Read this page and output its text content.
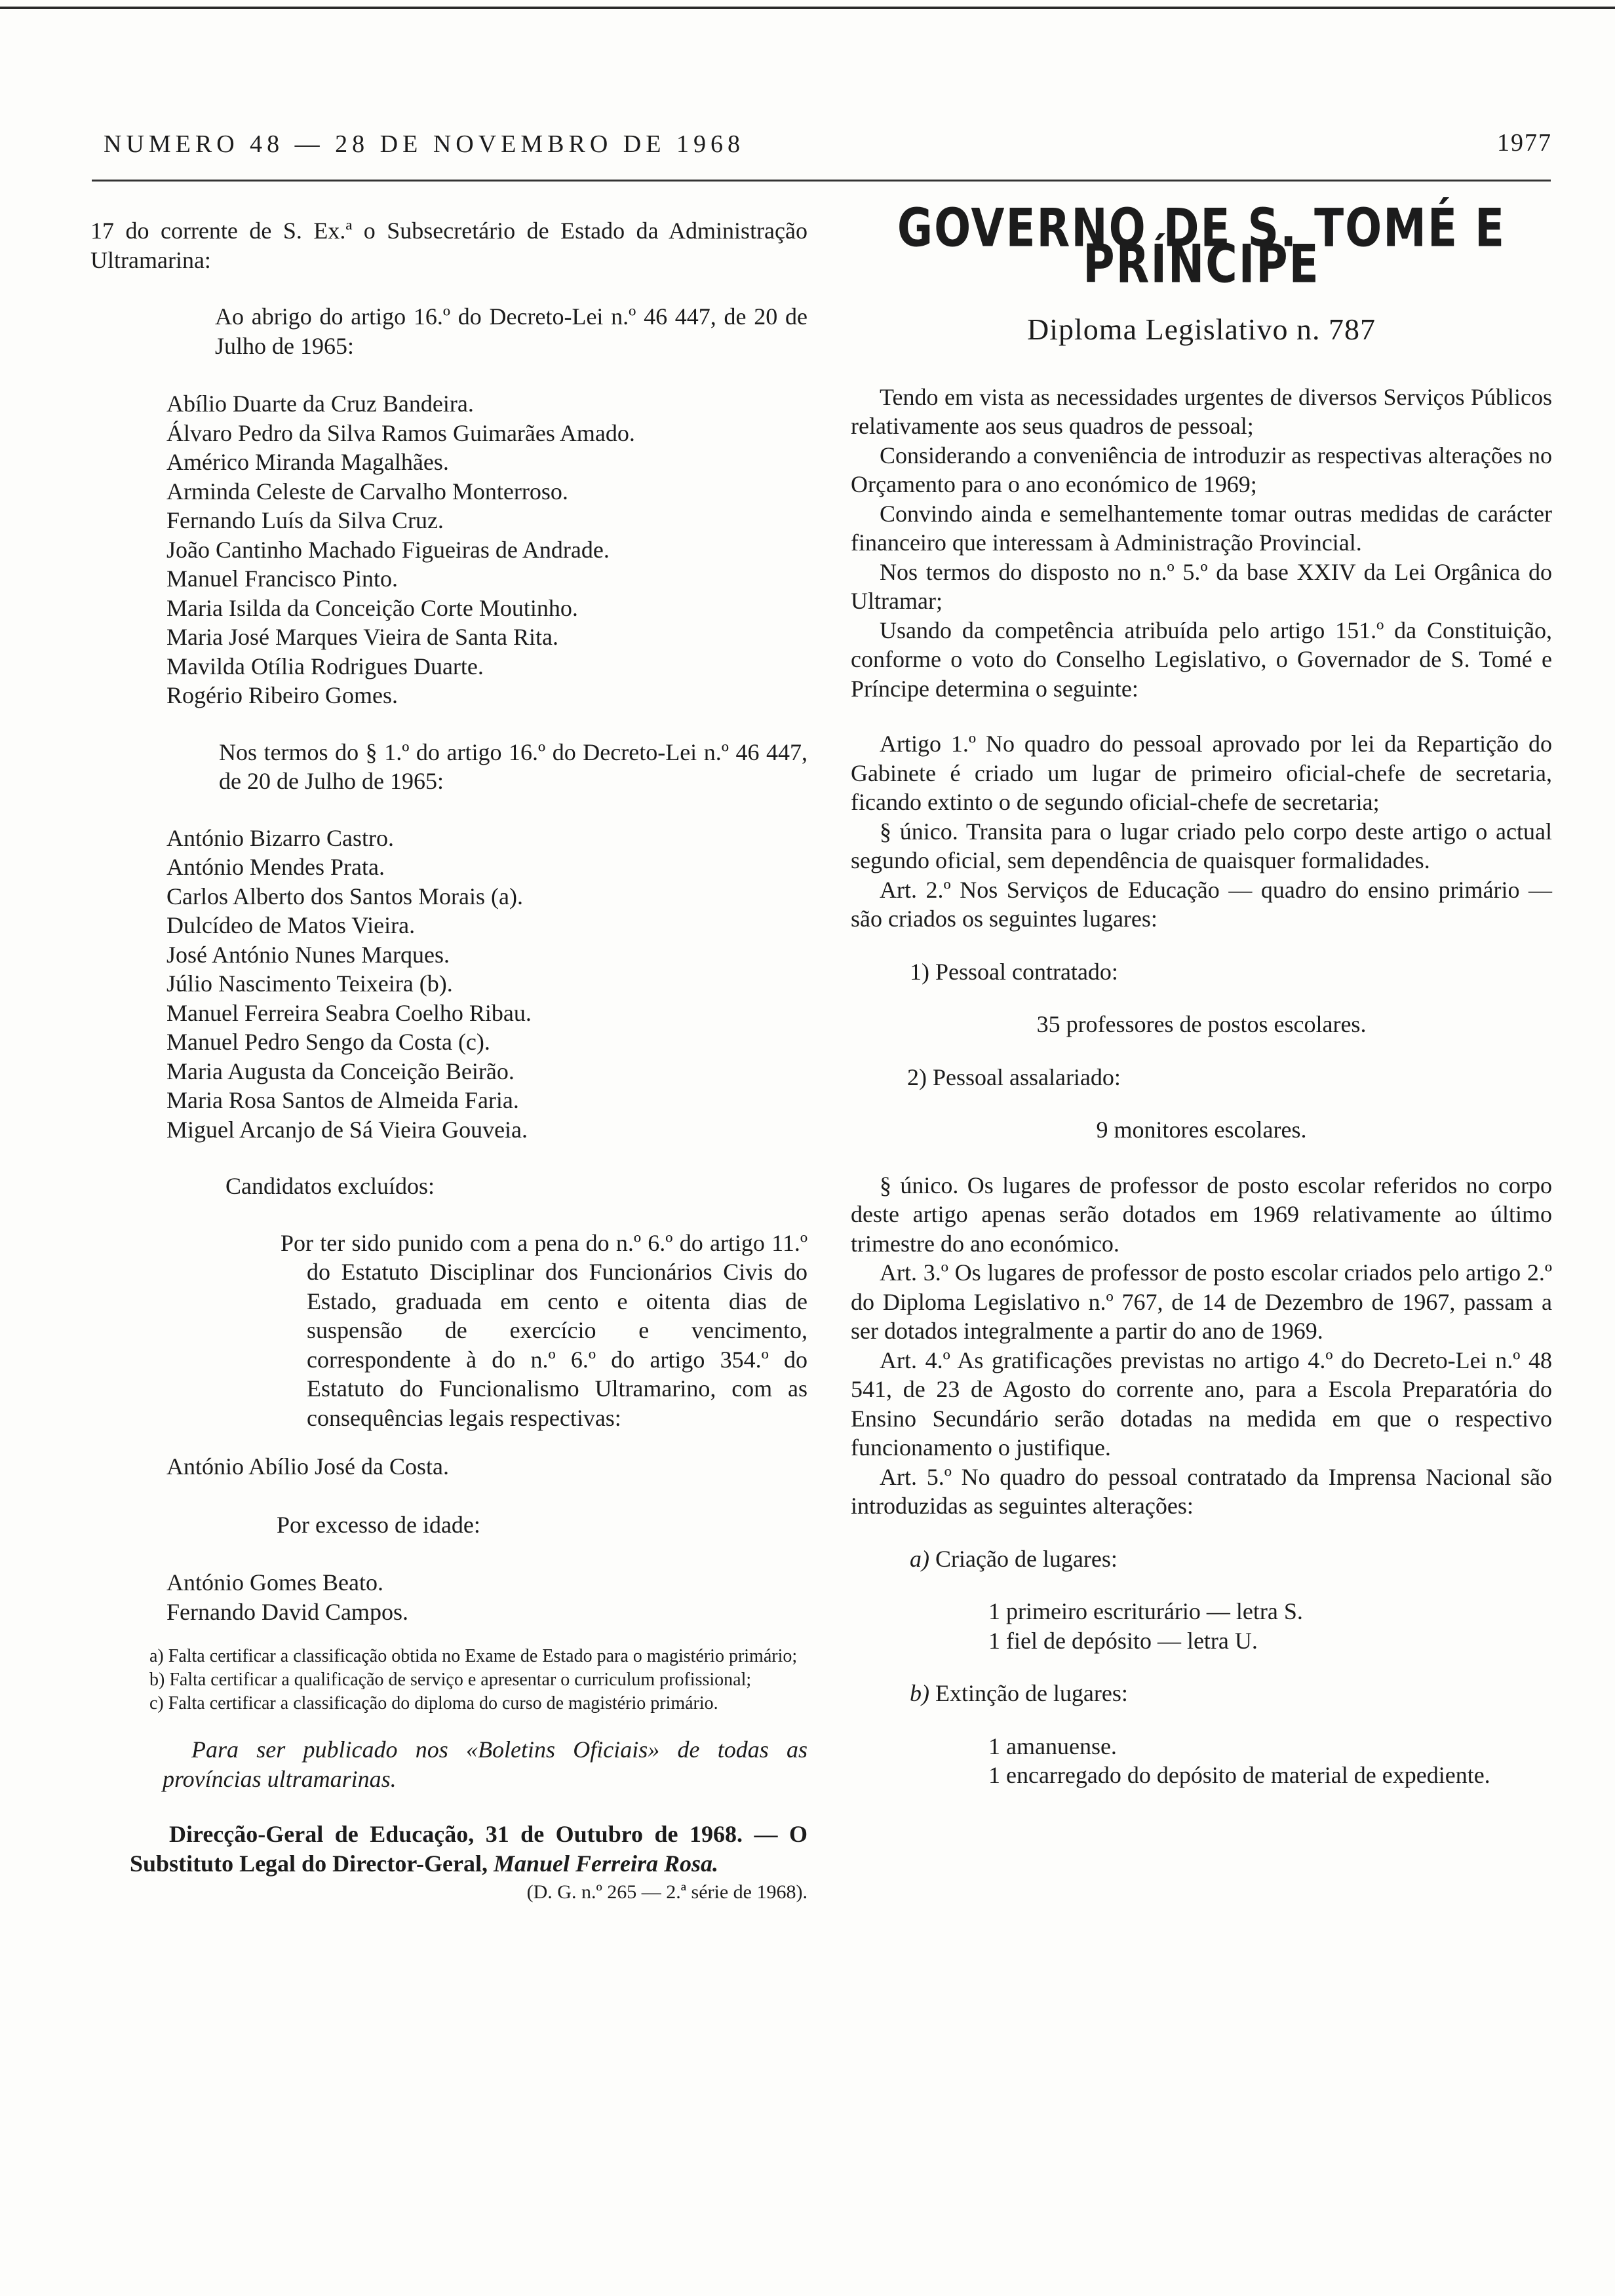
NUMERO 48 — 28 DE NOVEMBRO DE 1968	1977

17 do corrente de S. Ex.ª o Subsecretário de Estado da Administração Ultramarina:

Ao abrigo do artigo 16.º do Decreto-Lei n.º 46 447, de 20 de Julho de 1965:

Abílio Duarte da Cruz Bandeira.
Álvaro Pedro da Silva Ramos Guimarães Amado.
Américo Miranda Magalhães.
Arminda Celeste de Carvalho Monterroso.
Fernando Luís da Silva Cruz.
João Cantinho Machado Figueiras de Andrade.
Manuel Francisco Pinto.
Maria Isilda da Conceição Corte Moutinho.
Maria José Marques Vieira de Santa Rita.
Mavilda Otília Rodrigues Duarte.
Rogério Ribeiro Gomes.

Nos termos do § 1.º do artigo 16.º do Decreto-Lei n.º 46 447, de 20 de Julho de 1965:

António Bizarro Castro.
António Mendes Prata.
Carlos Alberto dos Santos Morais (a).
Dulcídeo de Matos Vieira.
José António Nunes Marques.
Júlio Nascimento Teixeira (b).
Manuel Ferreira Seabra Coelho Ribau.
Manuel Pedro Sengo da Costa (c).
Maria Augusta da Conceição Beirão.
Maria Rosa Santos de Almeida Faria.
Miguel Arcanjo de Sá Vieira Gouveia.

Candidatos excluídos:

Por ter sido punido com a pena do n.º 6.º do artigo 11.º do Estatuto Disciplinar dos Funcionários Civis do Estado, graduada em cento e oitenta dias de suspensão de exercício e vencimento, correspondente à do n.º 6.º do artigo 354.º do Estatuto do Funcionalismo Ultramarino, com as consequências legais respectivas:

António Abílio José da Costa.

Por excesso de idade:

António Gomes Beato.
Fernando David Campos.

a) Falta certificar a classificação obtida no Exame de Estado para o magistério primário;

b) Falta certificar a qualificação de serviço e apresentar o curriculum profissional;

c) Falta certificar a classificação do diploma do curso de magistério primário.

Para ser publicado nos «Boletins Oficiais» de todas as províncias ultramarinas.

Direcção-Geral de Educação, 31 de Outubro de 1968. — O Substituto Legal do Director-Geral, Manuel Ferreira Rosa.

(D. G. n.º 265 — 2.ª série de 1968).

GOVERNO DE S. TOMÉ E PRÍNCIPE
Diploma Legislativo n. 787

Tendo em vista as necessidades urgentes de diversos Serviços Públicos relativamente aos seus quadros de pessoal;

Considerando a conveniência de introduzir as respectivas alterações no Orçamento para o ano económico de 1969;

Convindo ainda e semelhantemente tomar outras medidas de carácter financeiro que interessam à Administração Provincial.

Nos termos do disposto no n.º 5.º da base XXIV da Lei Orgânica do Ultramar;

Usando da competência atribuída pelo artigo 151.º da Constituição, conforme o voto do Conselho Legislativo, o Governador de S. Tomé e Príncipe determina o seguinte:

Artigo 1.º No quadro do pessoal aprovado por lei da Repartição do Gabinete é criado um lugar de primeiro oficial-chefe de secretaria, ficando extinto o de segundo oficial-chefe de secretaria;

§ único. Transita para o lugar criado pelo corpo deste artigo o actual segundo oficial, sem dependência de quaisquer formalidades.

Art. 2.º Nos Serviços de Educação — quadro do ensino primário — são criados os seguintes lugares:

1) Pessoal contratado:

35 professores de postos escolares.

2) Pessoal assalariado:

9 monitores escolares.

§ único. Os lugares de professor de posto escolar referidos no corpo deste artigo apenas serão dotados em 1969 relativamente ao último trimestre do ano económico.

Art. 3.º Os lugares de professor de posto escolar criados pelo artigo 2.º do Diploma Legislativo n.º 767, de 14 de Dezembro de 1967, passam a ser dotados integralmente a partir do ano de 1969.

Art. 4.º As gratificações previstas no artigo 4.º do Decreto-Lei n.º 48 541, de 23 de Agosto do corrente ano, para a Escola Preparatória do Ensino Secundário serão dotadas na medida em que o respectivo funcionamento o justifique.

Art. 5.º No quadro do pessoal contratado da Imprensa Nacional são introduzidas as seguintes alterações:

a) Criação de lugares:

1 primeiro escriturário — letra S.

1 fiel de depósito — letra U.

b) Extinção de lugares:

1 amanuense.

1 encarregado do depósito de material de expediente.
